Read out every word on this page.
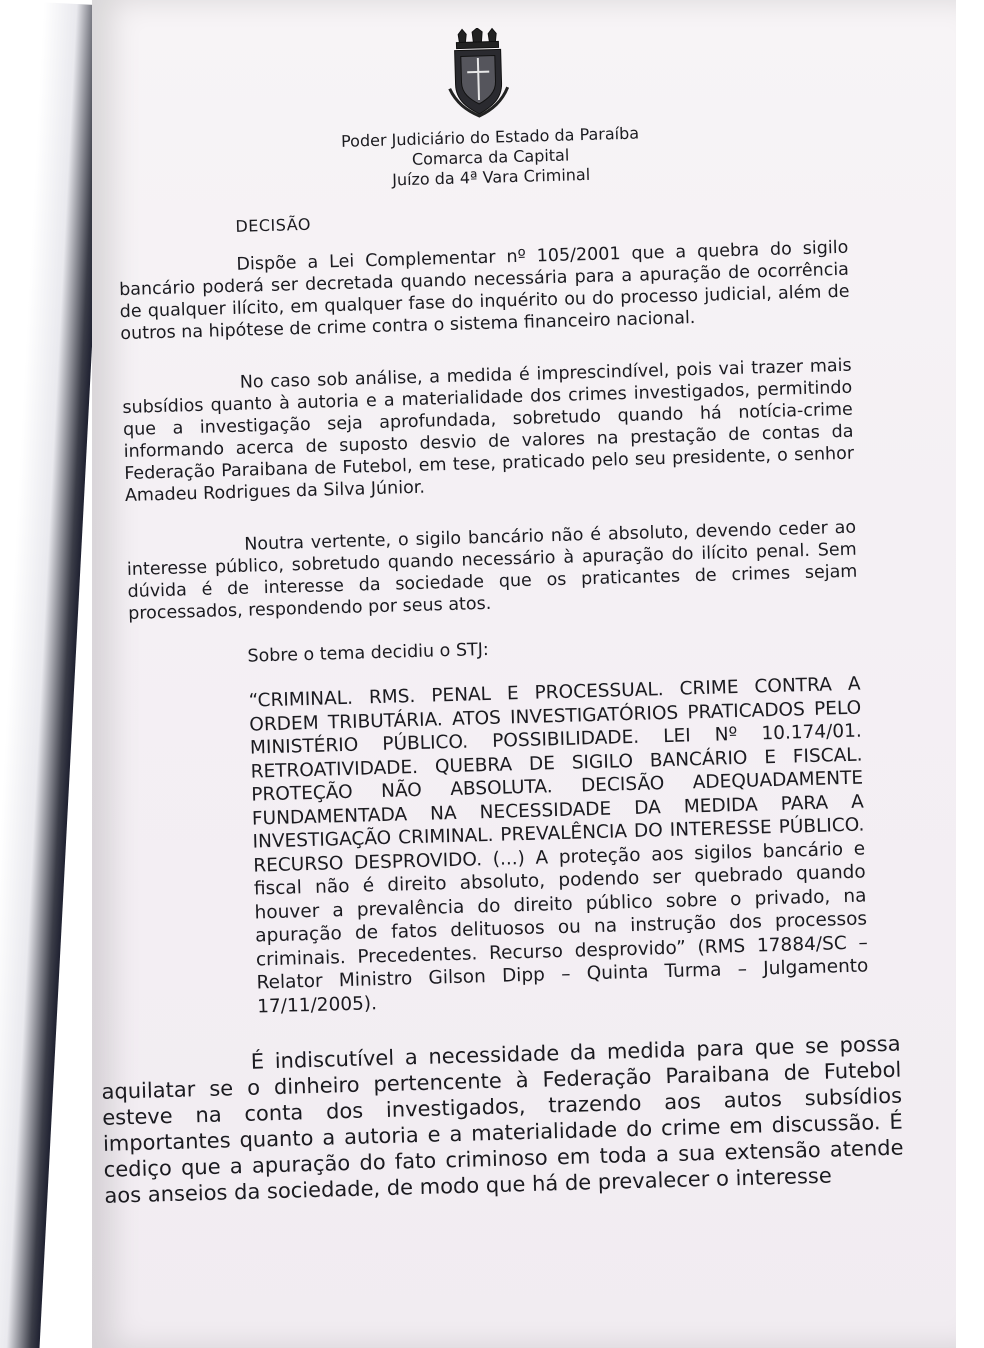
Poder Judiciário do Estado da Paraíba
Comarca da Capital
Juízo da 4ª Vara Criminal
DECISÃO

Dispõe a Lei Complementar nº 105/2001 que a quebra do sigilo bancário poderá ser decretada quando necessária para a apuração de ocorrência de qualquer ilícito, em qualquer fase do inquérito ou do processo judicial, além de outros na hipótese de crime contra o sistema financeiro nacional.

No caso sob análise, a medida é imprescindível, pois vai trazer mais subsídios quanto à autoria e a materialidade dos crimes investigados, permitindo que a investigação seja aprofundada, sobretudo quando há notícia-crime informando acerca de suposto desvio de valores na prestação de contas da Federação Paraibana de Futebol, em tese, praticado pelo seu presidente, o senhor Amadeu Rodrigues da Silva Júnior.

Noutra vertente, o sigilo bancário não é absoluto, devendo ceder ao interesse público, sobretudo quando necessário à apuração do ilícito penal. Sem dúvida é de interesse da sociedade que os praticantes de crimes sejam processados, respondendo por seus atos.

Sobre o tema decidiu o STJ:

“CRIMINAL. RMS. PENAL E PROCESSUAL. CRIME CONTRA A ORDEM TRIBUTÁRIA. ATOS INVESTIGATÓRIOS PRATICADOS PELO MINISTÉRIO PÚBLICO. POSSIBILIDADE. LEI Nº 10.174/01. RETROATIVIDADE. QUEBRA DE SIGILO BANCÁRIO E FISCAL. PROTEÇÃO NÃO ABSOLUTA. DECISÃO ADEQUADAMENTE FUNDAMENTADA NA NECESSIDADE DA MEDIDA PARA A INVESTIGAÇÃO CRIMINAL. PREVALÊNCIA DO INTERESSE PÚBLICO. RECURSO DESPROVIDO. (...) A proteção aos sigilos bancário e fiscal não é direito absoluto, podendo ser quebrado quando houver a prevalência do direito público sobre o privado, na apuração de fatos delituosos ou na instrução dos processos criminais. Precedentes. Recurso desprovido” (RMS 17884/SC – Relator Ministro Gilson Dipp – Quinta Turma – Julgamento 17/11/2005).

É indiscutível a necessidade da medida para que se possa aquilatar se o dinheiro pertencente à Federação Paraibana de Futebol esteve na conta dos investigados, trazendo aos autos subsídios importantes quanto a autoria e a materialidade do crime em discussão. É cediço que a apuração do fato criminoso em toda a sua extensão atende aos anseios da sociedade, de modo que há de prevalecer o interesse
